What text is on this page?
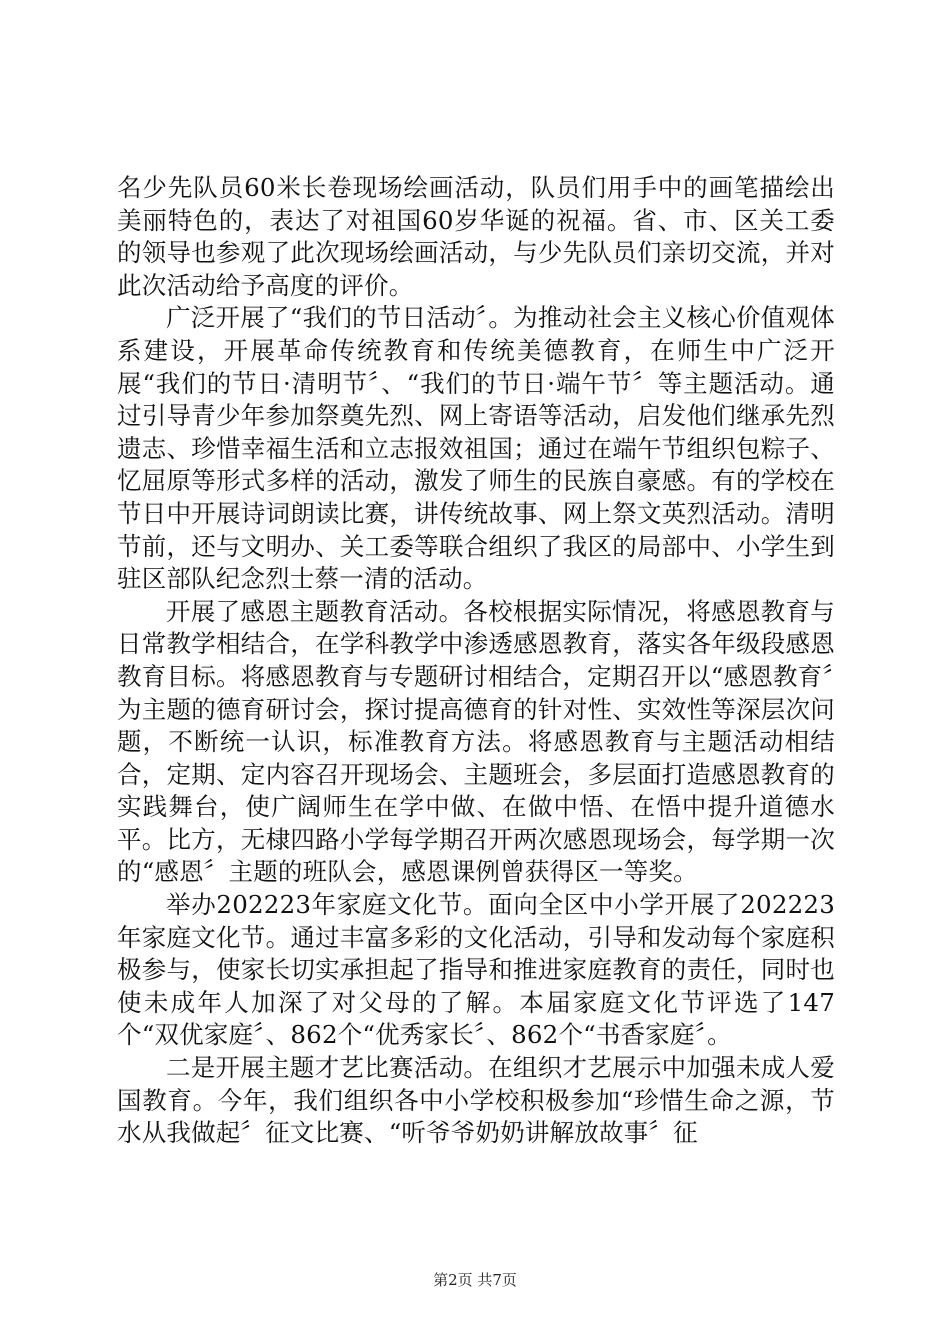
名少先队员60米长卷现场绘画活动，队员们用手中的画笔描绘出美丽特色的，表达了对祖国60岁华诞的祝福。省、市、区关工委的领导也参观了此次现场绘画活动，与少先队员们亲切交流，并对此次活动给予高度的评价。

广泛开展了“我们的节日活动〞。为推动社会主义核心价值观体系建设，开展革命传统教育和传统美德教育，在师生中广泛开展“我们的节日·清明节〞、“我们的节日·端午节〞等主题活动。通过引导青少年参加祭奠先烈、网上寄语等活动，启发他们继承先烈遗志、珍惜幸福生活和立志报效祖国；通过在端午节组织包粽子、忆屈原等形式多样的活动，激发了师生的民族自豪感。有的学校在节日中开展诗词朗读比赛，讲传统故事、网上祭文英烈活动。清明节前，还与文明办、关工委等联合组织了我区的局部中、小学生到驻区部队纪念烈士蔡一清的活动。

开展了感恩主题教育活动。各校根据实际情况，将感恩教育与日常教学相结合，在学科教学中渗透感恩教育，落实各年级段感恩教育目标。将感恩教育与专题研讨相结合，定期召开以“感恩教育〞为主题的德育研讨会，探讨提高德育的针对性、实效性等深层次问题，不断统一认识，标准教育方法。将感恩教育与主题活动相结合，定期、定内容召开现场会、主题班会，多层面打造感恩教育的实践舞台，使广阔师生在学中做、在做中悟、在悟中提升道德水平。比方，无棣四路小学每学期召开两次感恩现场会，每学期一次的“感恩〞主题的班队会，感恩课例曾获得区一等奖。

举办202223年家庭文化节。面向全区中小学开展了202223年家庭文化节。通过丰富多彩的文化活动，引导和发动每个家庭积极参与，使家长切实承担起了指导和推进家庭教育的责任，同时也使未成年人加深了对父母的了解。本届家庭文化节评选了147个“双优家庭〞、862个“优秀家长〞、862个“书香家庭〞。

二是开展主题才艺比赛活动。在组织才艺展示中加强未成人爱国教育。今年，我们组织各中小学校积极参加“珍惜生命之源，节水从我做起〞征文比赛、“听爷爷奶奶讲解放故事〞征

第2页 共7页
